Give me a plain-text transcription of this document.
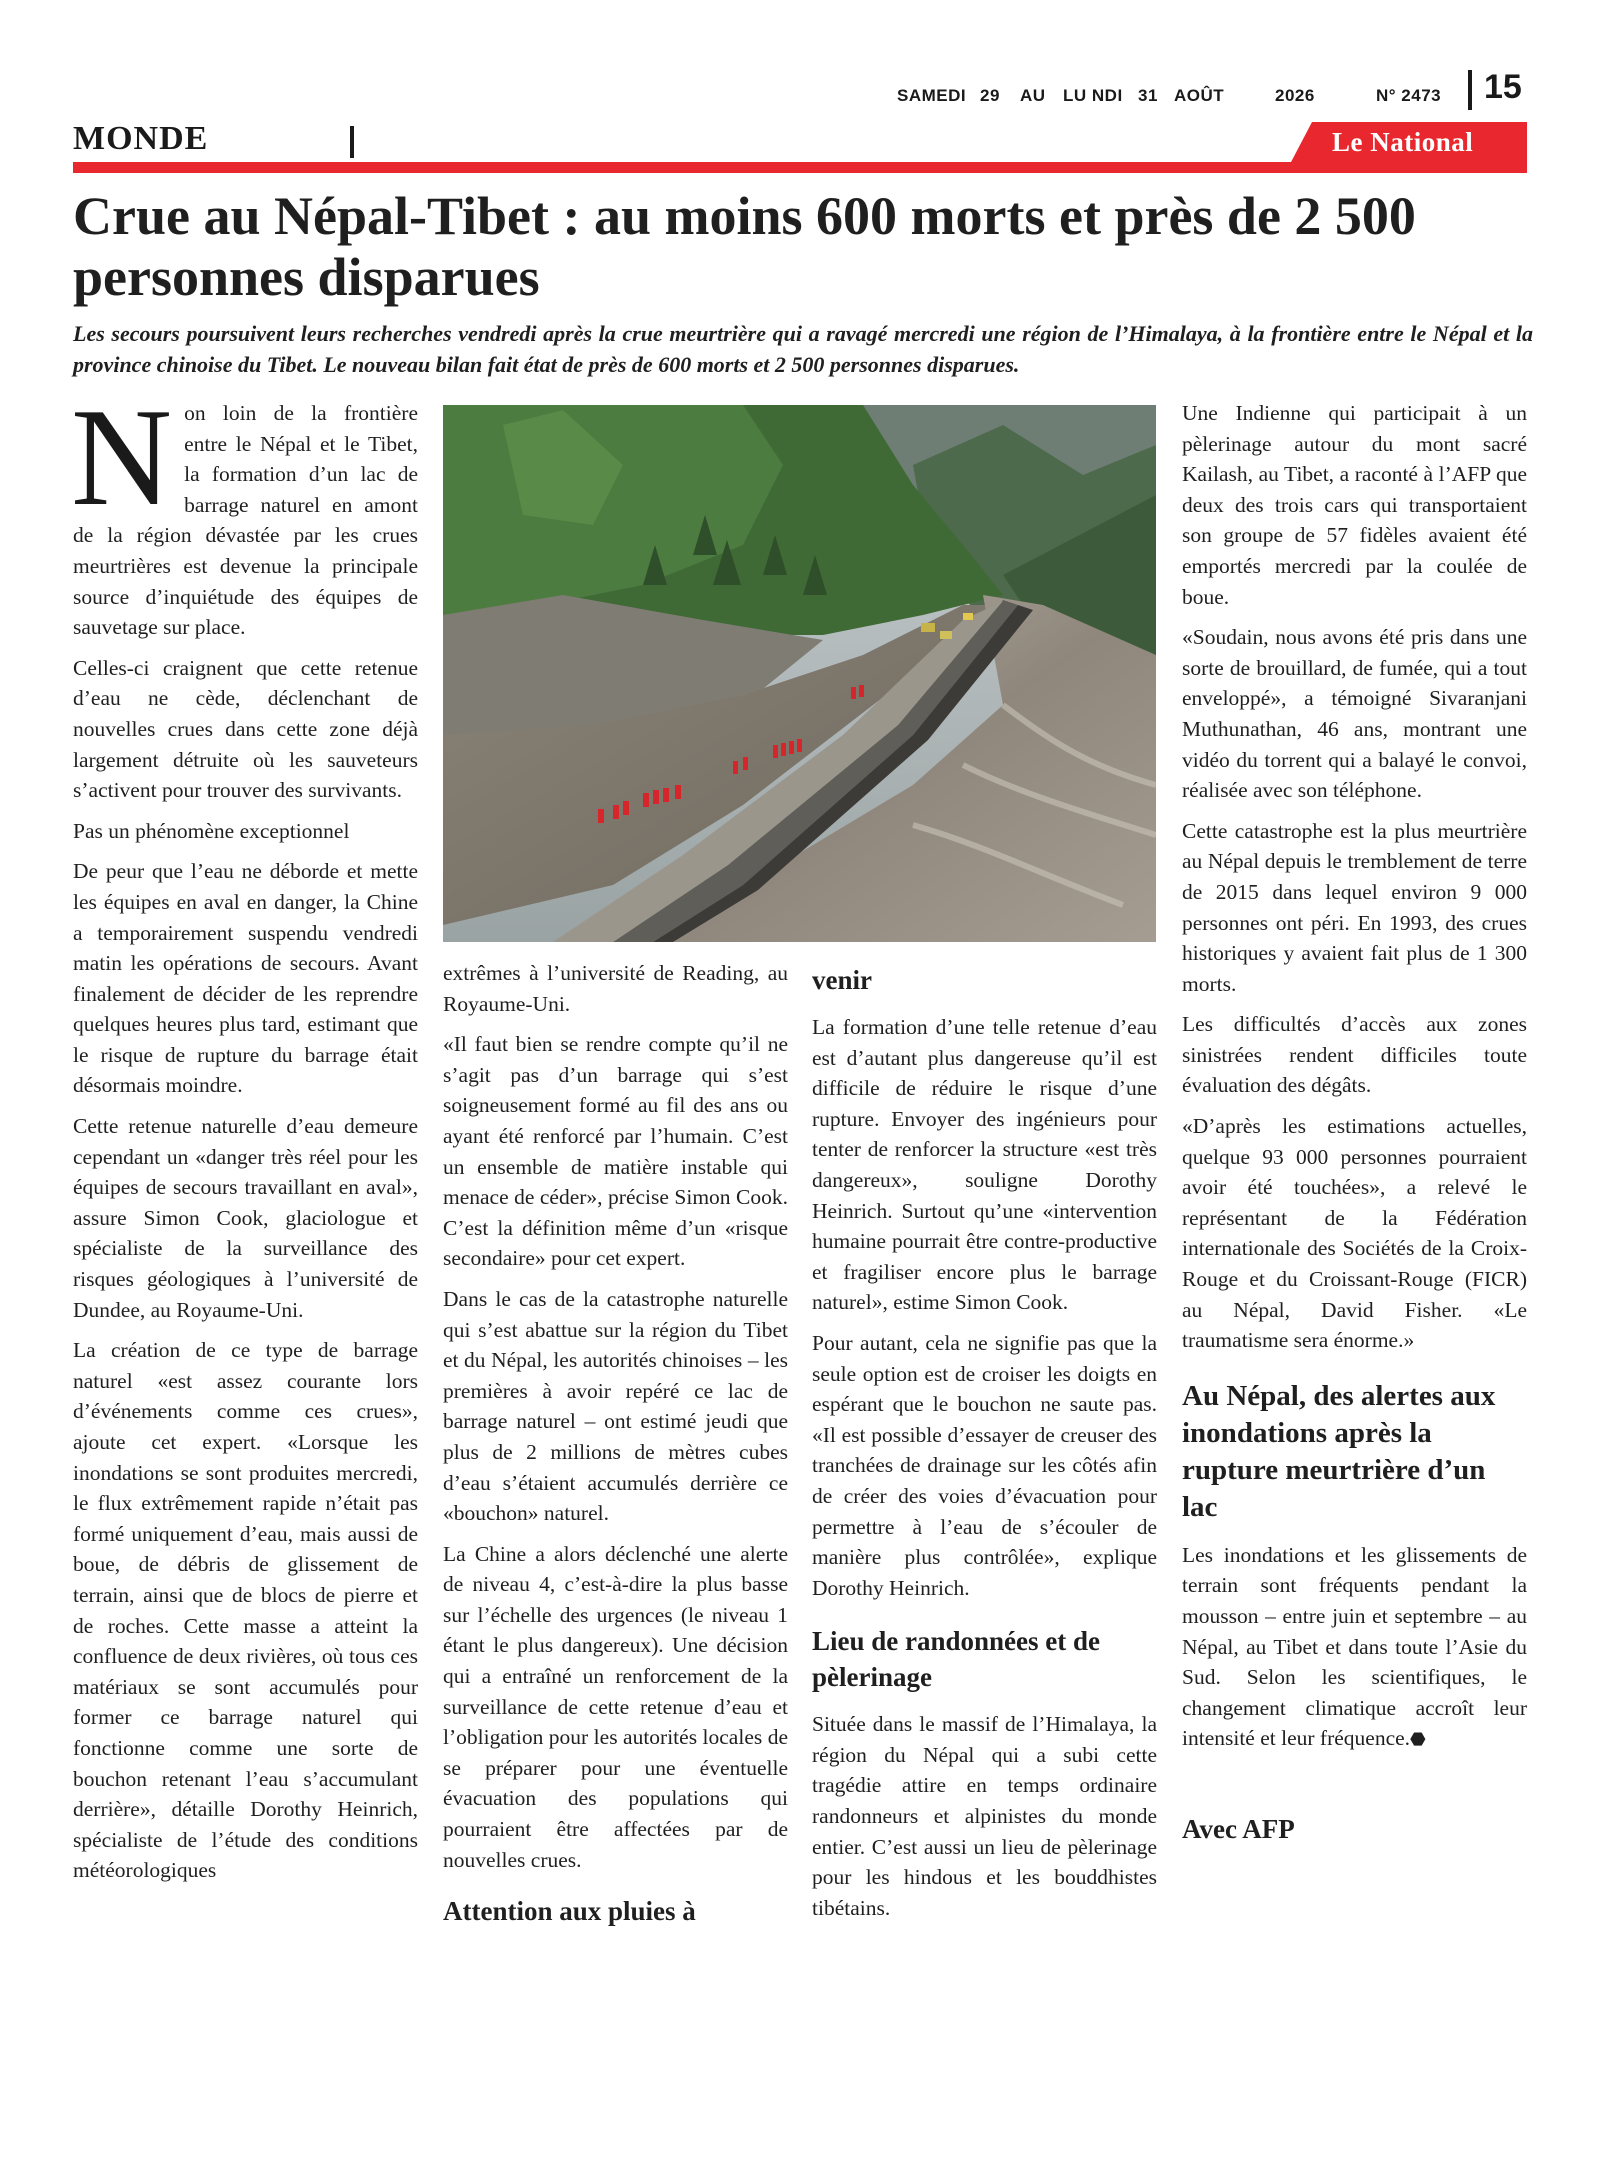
SAMEDI 29 AU LU NDI 31 AOÛT	2026	N° 2473 15
MONDE	Le National
Crue au Népal-Tibet : au moins 600 morts et près de 2 500 personnes disparues

Les secours poursuivent leurs recherches vendredi après la crue meurtrière qui a ravagé mercredi une région de l’Himalaya, à la frontière entre le Népal et la province chinoise du Tibet. Le nouveau bilan fait état de près de 600 morts et 2 500 personnes disparues.

Non loin de la frontière entre le Népal et le Tibet, la formation d’un lac de barrage naturel en amont de la région dévastée par les crues meurtrières est devenue la principale source d’inquiétude des équipes de sauvetage sur place.

Celles-ci craignent que cette retenue d’eau ne cède, déclenchant de nouvelles crues dans cette zone déjà largement détruite où les sauveteurs s’activent pour trouver des survivants.

Pas un phénomène exceptionnel

De peur que l’eau ne déborde et mette les équipes en aval en danger, la Chine a temporairement suspendu vendredi matin les opérations de secours. Avant finalement de décider de les reprendre quelques heures plus tard, estimant que le risque de rupture du barrage était désormais moindre.

Cette retenue naturelle d’eau demeure cependant un «danger très réel pour les équipes de secours travaillant en aval», assure Simon Cook, glaciologue et spécialiste de la surveillance des risques géologiques à l’université de Dundee, au Royaume-Uni.

La création de ce type de barrage naturel «est assez courante lors d’événements comme ces crues», ajoute cet expert. «Lorsque les inondations se sont produites mercredi, le flux extrêmement rapide n’était pas formé uniquement d’eau, mais aussi de boue, de débris de glissement de terrain, ainsi que de blocs de pierre et de roches. Cette masse a atteint la confluence de deux rivières, où tous ces matériaux se sont accumulés pour former ce barrage naturel qui fonctionne comme une sorte de bouchon retenant l’eau s’accumulant derrière», détaille Dorothy Heinrich, spécialiste de l’étude des conditions météorologiques

extrêmes à l’université de Reading, au Royaume-Uni.

«Il faut bien se rendre compte qu’il ne s’agit pas d’un barrage qui s’est soigneusement formé au fil des ans ou ayant été renforcé par l’humain. C’est un ensemble de matière instable qui menace de céder», précise Simon Cook. C’est la définition même d’un «risque secondaire» pour cet expert.

Dans le cas de la catastrophe naturelle qui s’est abattue sur la région du Tibet et du Népal, les autorités chinoises – les premières à avoir repéré ce lac de barrage naturel – ont estimé jeudi que plus de 2 millions de mètres cubes d’eau s’étaient accumulés derrière ce «bouchon» naturel.

La Chine a alors déclenché une alerte de niveau 4, c’est-à-dire la plus basse sur l’échelle des urgences (le niveau 1 étant le plus dangereux). Une décision qui a entraîné un renforcement de la surveillance de cette retenue d’eau et l’obligation pour les autorités locales de se préparer pour une éventuelle évacuation des populations qui pourraient être affectées par de nouvelles crues.

Attention aux pluies à

venir

La formation d’une telle retenue d’eau est d’autant plus dangereuse qu’il est difficile de réduire le risque d’une rupture. Envoyer des ingénieurs pour tenter de renforcer la structure «est très dangereux», souligne Dorothy Heinrich. Surtout qu’une «intervention humaine pourrait être contre-productive et fragiliser encore plus le barrage naturel», estime Simon Cook.

Pour autant, cela ne signifie pas que la seule option est de croiser les doigts en espérant que le bouchon ne saute pas. «Il est possible d’essayer de creuser des tranchées de drainage sur les côtés afin de créer des voies d’évacuation pour permettre à l’eau de s’écouler de manière plus contrôlée», explique Dorothy Heinrich.

Lieu de randonnées et de pèlerinage

Située dans le massif de l’Himalaya, la région du Népal qui a subi cette tragédie attire en temps ordinaire randonneurs et alpinistes du monde entier. C’est aussi un lieu de pèlerinage pour les hindous et les bouddhistes tibétains.

Une Indienne qui participait à un pèlerinage autour du mont sacré Kailash, au Tibet, a raconté à l’AFP que deux des trois cars qui transportaient son groupe de 57 fidèles avaient été emportés mercredi par la coulée de boue.

«Soudain, nous avons été pris dans une sorte de brouillard, de fumée, qui a tout enveloppé», a témoigné Sivaranjani Muthunathan, 46 ans, montrant une vidéo du torrent qui a balayé le convoi, réalisée avec son téléphone.

Cette catastrophe est la plus meurtrière au Népal depuis le tremblement de terre de 2015 dans lequel environ 9 000 personnes ont péri. En 1993, des crues historiques y avaient fait plus de 1 300 morts.

Les difficultés d’accès aux zones sinistrées rendent difficiles toute évaluation des dégâts.

«D’après les estimations actuelles, quelque 93 000 personnes pourraient avoir été touchées», a relevé le représentant de la Fédération internationale des Sociétés de la Croix-Rouge et du Croissant-Rouge (FICR) au Népal, David Fisher. «Le traumatisme sera énorme.»

Au Népal, des alertes aux inondations après la rupture meurtrière d’un lac

Les inondations et les glissements de terrain sont fréquents pendant la mousson – entre juin et septembre – au Népal, au Tibet et dans toute l’Asie du Sud. Selon les scientifiques, le changement climatique accroît leur intensité et leur fréquence.⬣

Avec AFP
